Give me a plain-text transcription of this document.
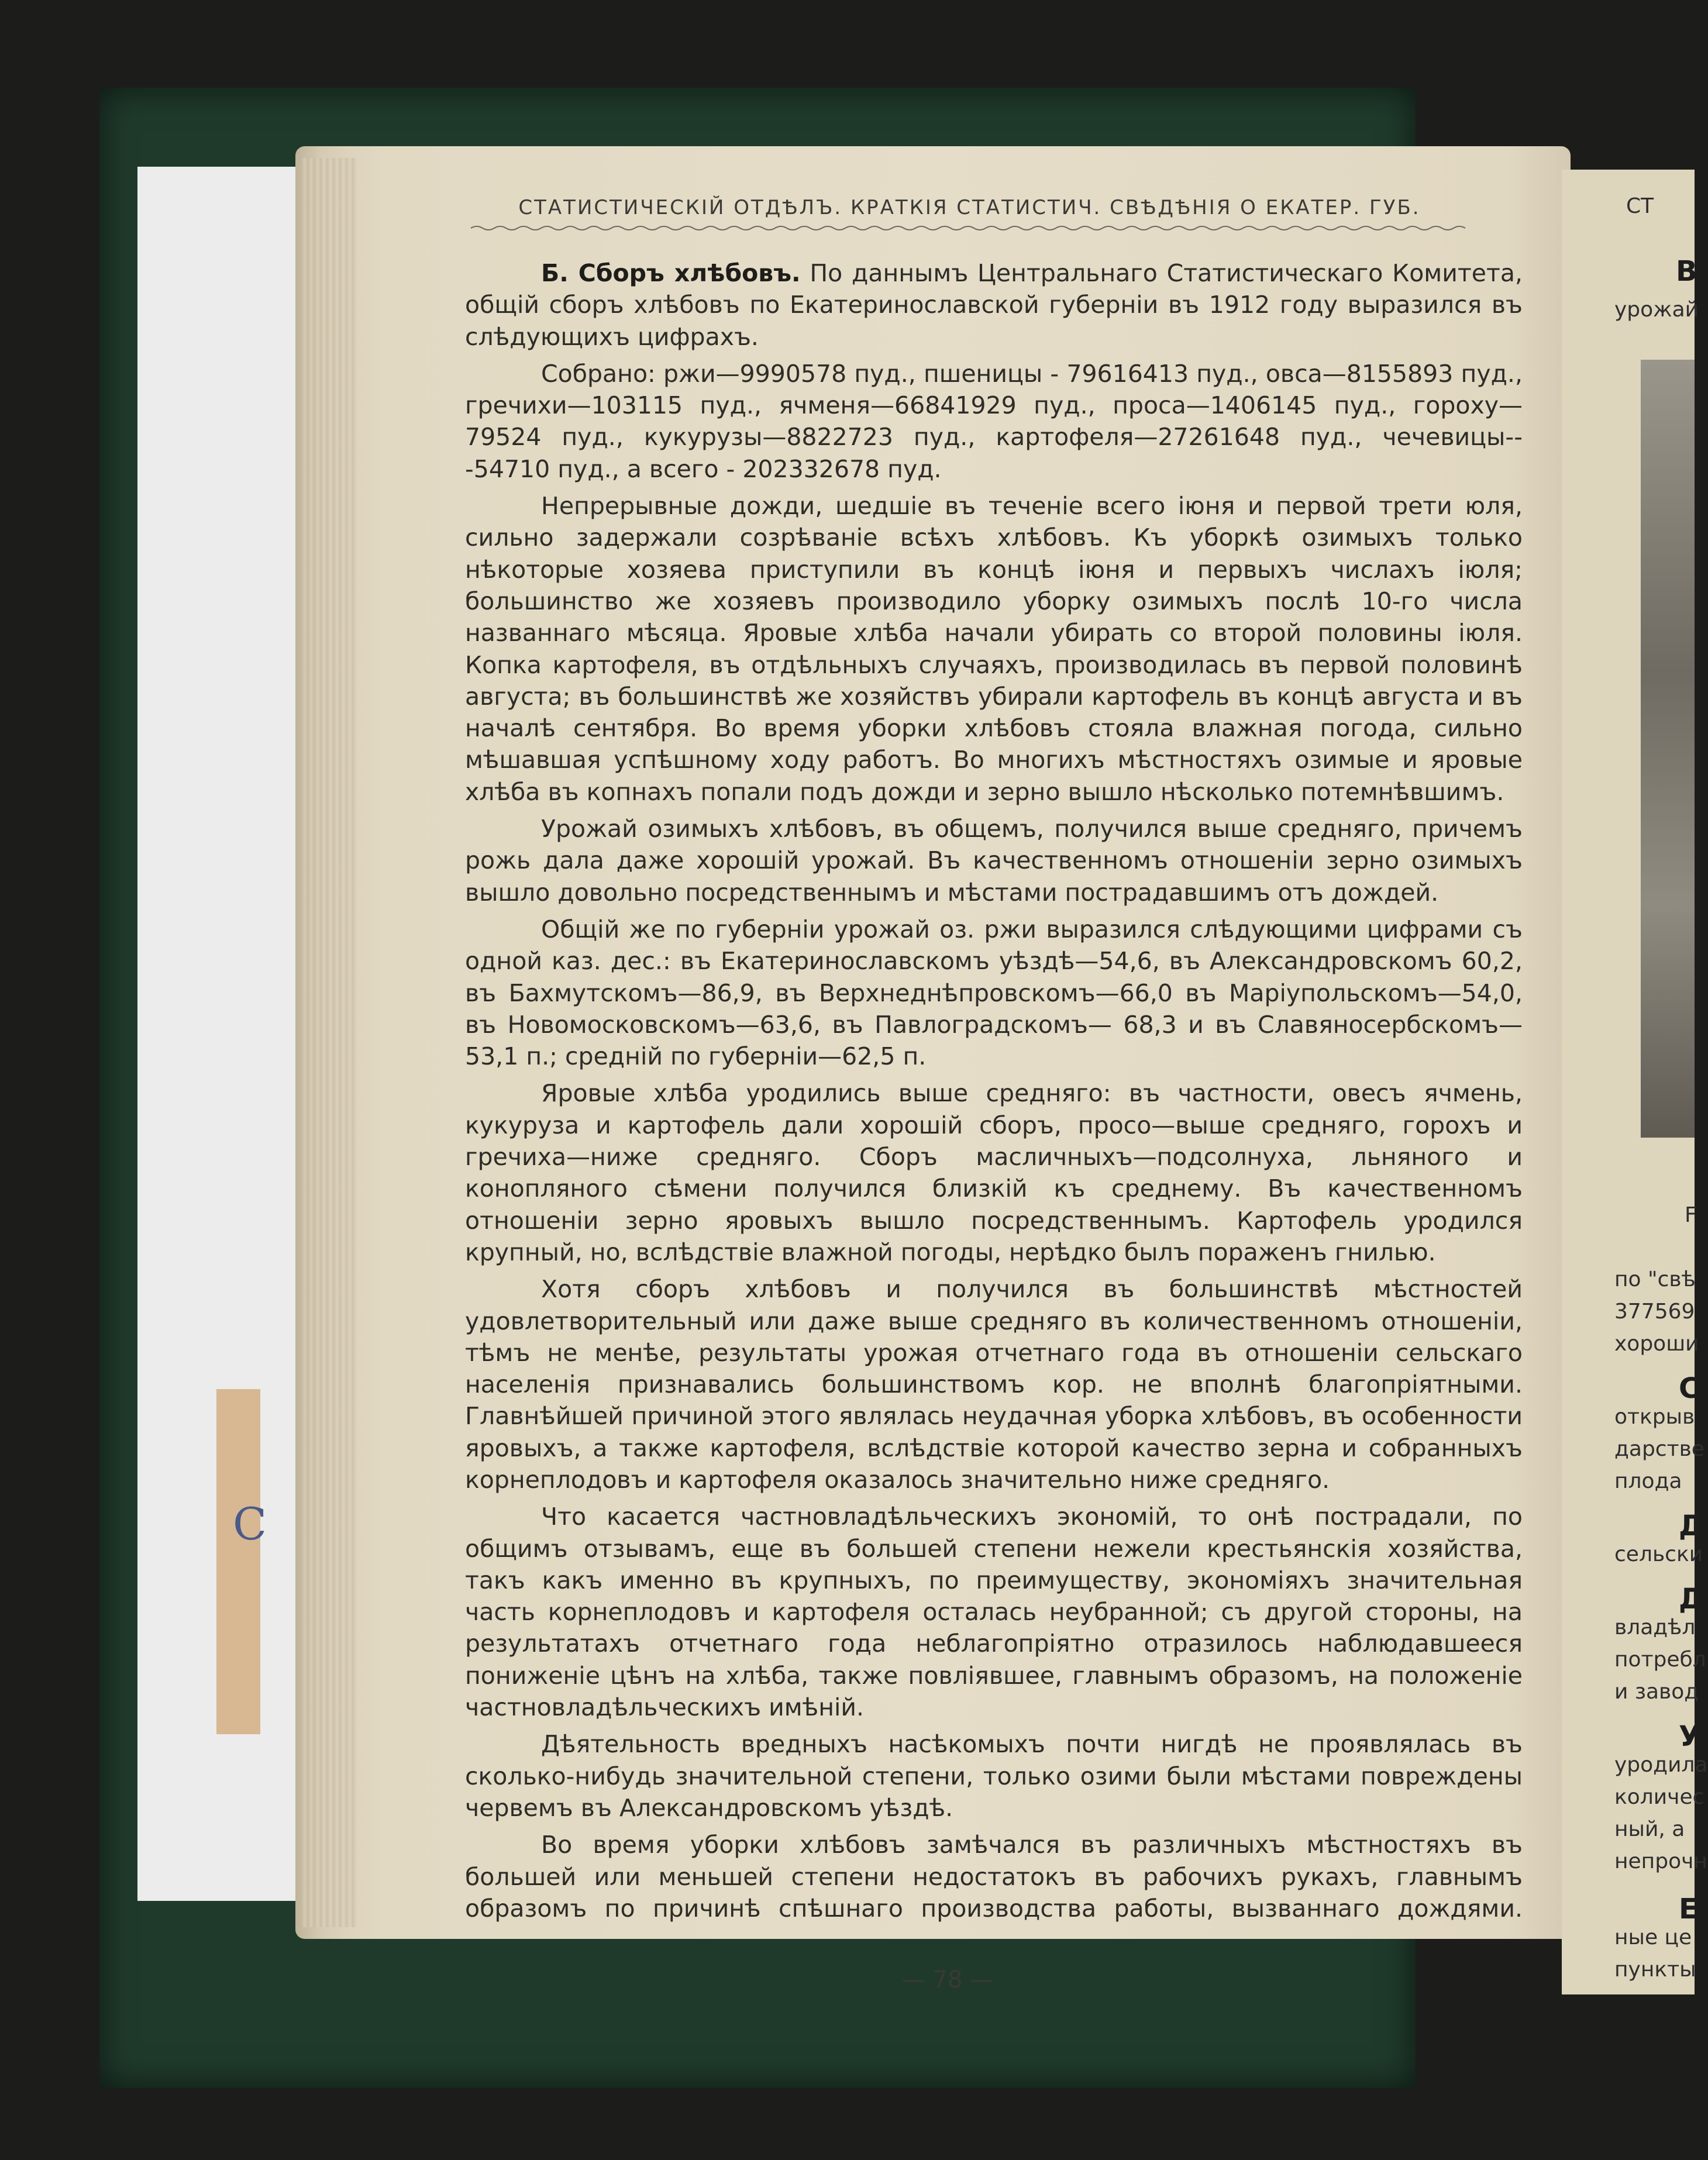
С
СТ
В
урожай
F
по "свѣ
377569
хороши
С
открыв
дарстве
плода
Д
сельски
Д
владѣл
потребл
и завод
У
уродила
количес
ный, а
непрочн
Е
ные це
пункты
СТАТИСТИЧЕСКІЙ ОТДѢЛЪ. КРАТКІЯ СТАТИСТИЧ. СВѢДѢНІЯ О ЕКАТЕР. ГУБ.

Б. Сборъ хлѣбовъ. По даннымъ Центральнаго Статистическаго Комитета, общій сборъ хлѣбовъ по Екатеринославской губерніи въ 1912 году выразился въ слѣдующихъ цифрахъ.

Собрано: ржи—9990578 пуд., пшеницы - 79616413 пуд., овса—8155893 пуд., гречихи—103115 пуд., ячменя—66841929 пуд., проса—1406145 пуд., гороху—79524 пуд., кукурузы—8822723 пуд., картофеля—27261648 пуд., чечевицы---54710 пуд., а всего - 202332678 пуд.

Непрерывные дожди, шедшіе въ теченіе всего іюня и первой трети юля, сильно задержали созрѣваніе всѣхъ хлѣбовъ. Къ уборкѣ озимыхъ только нѣкоторые хозяева приступили въ концѣ іюня и первыхъ числахъ іюля; большинство же хозяевъ производило уборку озимыхъ послѣ 10-го числа названнаго мѣсяца. Яровые хлѣба начали убирать со второй половины іюля. Копка картофеля, въ отдѣльныхъ случаяхъ, производилась въ первой половинѣ августа; въ большинствѣ же хозяйствъ убирали картофель въ концѣ августа и въ началѣ сентября. Во время уборки хлѣбовъ стояла влажная погода, сильно мѣшавшая успѣшному ходу работъ. Во многихъ мѣстностяхъ озимые и яровые хлѣба въ копнахъ попали подъ дожди и зерно вышло нѣсколько потемнѣвшимъ.

Урожай озимыхъ хлѣбовъ, въ общемъ, получился выше средняго, причемъ рожь дала даже хорошій урожай. Въ качественномъ отношеніи зерно озимыхъ вышло довольно посредственнымъ и мѣстами пострадавшимъ отъ дождей.

Общій же по губерніи урожай оз. ржи выразился слѣдующими цифрами съ одной каз. дес.: въ Екатеринославскомъ уѣздѣ—54,6, въ Александровскомъ 60,2, въ Бахмутскомъ—86,9, въ Верхнеднѣпровскомъ—66,0 въ Маріупольскомъ—54,0, въ Новомосковскомъ—63,6, въ Павлоградскомъ— 68,3 и въ Славяносербскомъ—53,1 п.; средній по губерніи—62,5 п.

Яровые хлѣба уродились выше средняго: въ частности, овесъ ячмень, кукуруза и картофель дали хорошій сборъ, просо—выше средняго, горохъ и гречиха—ниже средняго. Сборъ масличныхъ—подсолнуха, льняного и конопляного сѣмени получился близкій къ среднему. Въ качественномъ отношеніи зерно яровыхъ вышло посредственнымъ. Картофель уродился крупный, но, вслѣдствіе влажной погоды, нерѣдко былъ пораженъ гнилью.

Хотя сборъ хлѣбовъ и получился въ большинствѣ мѣстностей удовлетворительный или даже выше средняго въ количественномъ отношеніи, тѣмъ не менѣе, результаты урожая отчетнаго года въ отношеніи сельскаго населенія признавались большинствомъ кор. не вполнѣ благопріятными. Главнѣйшей причиной этого являлась неудачная уборка хлѣбовъ, въ особенности яровыхъ, а также картофеля, вслѣдствіе которой качество зерна и собранныхъ корнеплодовъ и картофеля оказалось значительно ниже средняго.

Что касается частновладѣльческихъ экономій, то онѣ пострадали, по общимъ отзывамъ, еще въ большей степени нежели крестьянскія хозяйства, такъ какъ именно въ крупныхъ, по преимуществу, экономіяхъ значительная часть корнеплодовъ и картофеля осталась неубранной; съ другой стороны, на результатахъ отчетнаго года неблагопріятно отразилось наблюдавшееся пониженіе цѣнъ на хлѣба, также повліявшее, главнымъ образомъ, на положеніе частновладѣльческихъ имѣній.

Дѣятельность вредныхъ насѣкомыхъ почти нигдѣ не проявлялась въ сколько-нибудь значительной степени, только озими были мѣстами повреждены червемъ въ Александровскомъ уѣздѣ.

Во время уборки хлѣбовъ замѣчался въ различныхъ мѣстностяхъ въ большей или меньшей степени недостатокъ въ рабочихъ рукахъ, главнымъ образомъ по причинѣ спѣшнаго производства работы, вызваннаго дождями.

— 78 —
